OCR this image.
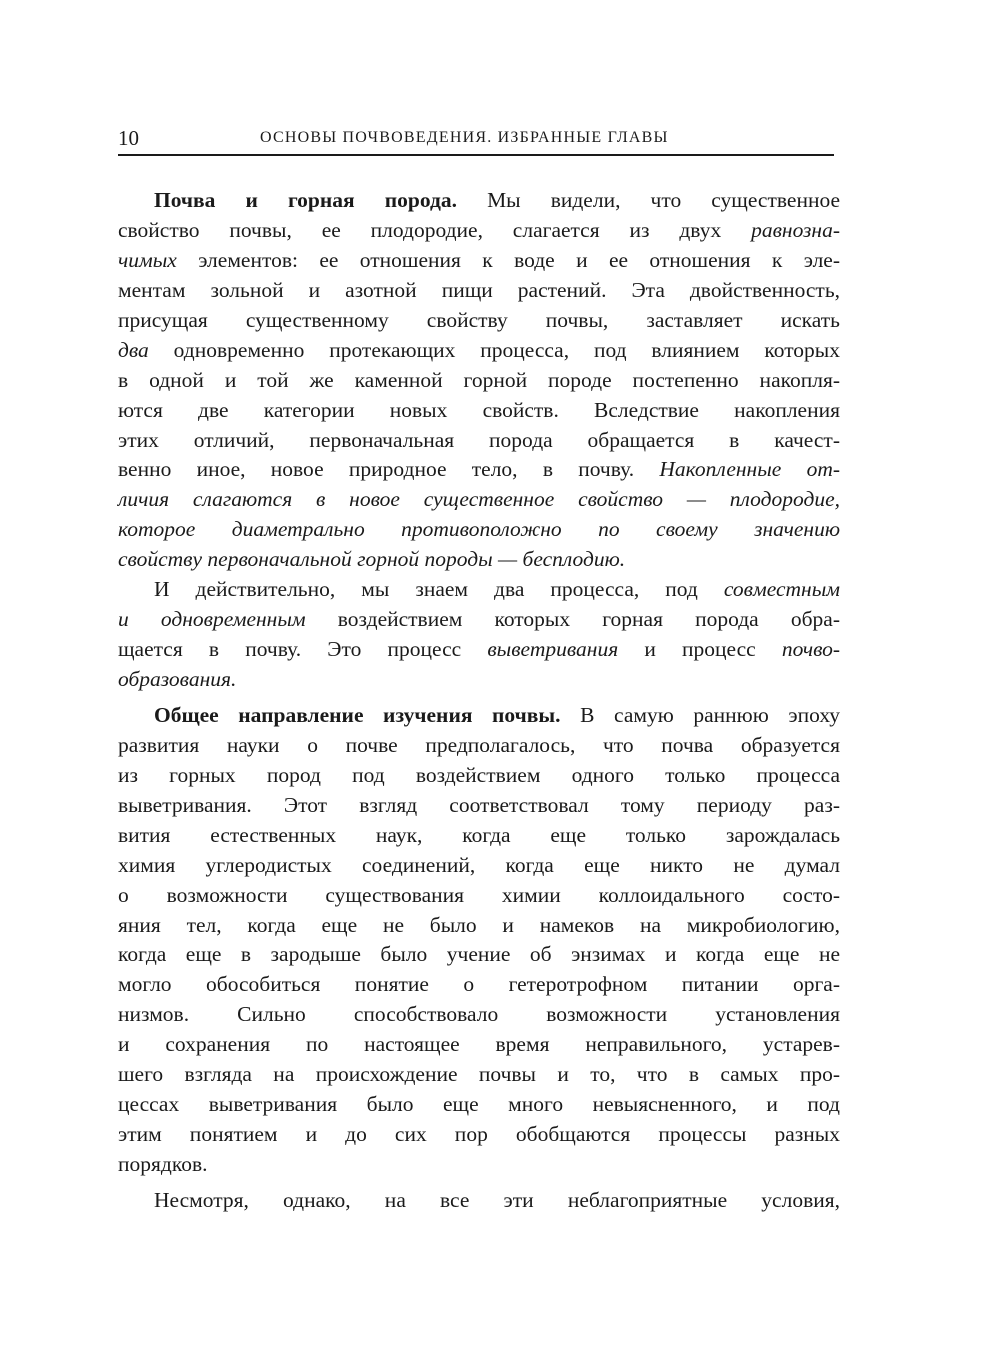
10	ОСНОВЫ ПОЧВОВЕДЕНИЯ. ИЗБРАННЫЕ ГЛАВЫ
Почва и горная порода. Мы видели, что существенное
свойство почвы, ее плодородие, слагается из двух равнозна-
чимых элементов: ее отношения к воде и ее отношения к эле-
ментам зольной и азотной пищи растений. Эта двойственность,
присущая существенному свойству почвы, заставляет искать
два одновременно протекающих процесса, под влиянием которых
в одной и той же каменной горной породе постепенно накопля-
ются две категории новых свойств. Вследствие накопления
этих отличий, первоначальная порода обращается в качест-
венно иное, новое природное тело, в почву. Накопленные от-
личия слагаются в новое существенное свойство — плодородие,
которое диаметрально противоположно по своему значению
свойству первоначальной горной породы — бесплодию.
И действительно, мы знаем два процесса, под совместным
и одновременным воздействием которых горная порода обра-
щается в почву. Это процесс выветривания и процесс почво-
образования.
Общее направление изучения почвы. В самую раннюю эпоху
развития науки о почве предполагалось, что почва образуется
из горных пород под воздействием одного только процесса
выветривания. Этот взгляд соответствовал тому периоду раз-
вития естественных наук, когда еще только зарождалась
химия углеродистых соединений, когда еще никто не думал
о возможности существования химии коллоидального состо-
яния тел, когда еще не было и намеков на микробиологию,
когда еще в зародыше было учение об энзимах и когда еще не
могло обособиться понятие о гетеротрофном питании орга-
низмов. Сильно способствовало возможности установления
и сохранения по настоящее время неправильного, устарев-
шего взгляда на происхождение почвы и то, что в самых про-
цессах выветривания было еще много невыясненного, и под
этим понятием и до сих пор обобщаются процессы разных
порядков.
Несмотря, однако, на все эти неблагоприятные условия,
